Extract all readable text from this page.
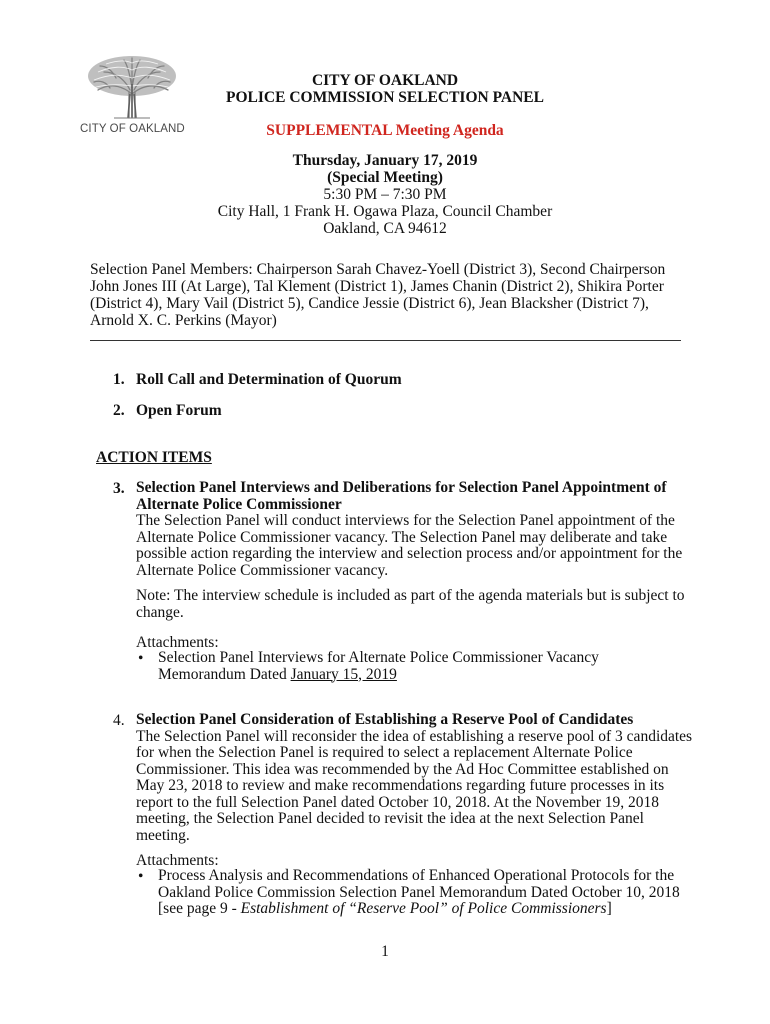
CITY OF OAKLAND
CITY OF OAKLAND
POLICE COMMISSION SELECTION PANEL
SUPPLEMENTAL Meeting Agenda
Thursday, January 17, 2019
(Special Meeting)
5:30 PM – 7:30 PM
City Hall, 1 Frank H. Ogawa Plaza, Council Chamber
Oakland, CA 94612
Selection Panel Members: Chairperson Sarah Chavez-Yoell (District 3), Second Chairperson
John Jones III (At Large), Tal Klement (District 1), James Chanin (District 2), Shikira Porter
(District 4), Mary Vail (District 5), Candice Jessie (District 6), Jean Blacksher (District 7),
Arnold X. C. Perkins (Mayor)
1. Roll Call and Determination of Quorum
2. Open Forum
ACTION ITEMS
3. Selection Panel Interviews and Deliberations for Selection Panel Appointment of
Alternate Police Commissioner
The Selection Panel will conduct interviews for the Selection Panel appointment of the
Alternate Police Commissioner vacancy. The Selection Panel may deliberate and take
possible action regarding the interview and selection process and/or appointment for the
Alternate Police Commissioner vacancy.
Note: The interview schedule is included as part of the agenda materials but is subject to
change.
Attachments:
• Selection Panel Interviews for Alternate Police Commissioner Vacancy
Memorandum Dated January 15, 2019
4. Selection Panel Consideration of Establishing a Reserve Pool of Candidates
The Selection Panel will reconsider the idea of establishing a reserve pool of 3 candidates
for when the Selection Panel is required to select a replacement Alternate Police
Commissioner. This idea was recommended by the Ad Hoc Committee established on
May 23, 2018 to review and make recommendations regarding future processes in its
report to the full Selection Panel dated October 10, 2018. At the November 19, 2018
meeting, the Selection Panel decided to revisit the idea at the next Selection Panel
meeting.
Attachments:
• Process Analysis and Recommendations of Enhanced Operational Protocols for the
Oakland Police Commission Selection Panel Memorandum Dated October 10, 2018
[see page 9 - Establishment of “Reserve Pool” of Police Commissioners]
1
